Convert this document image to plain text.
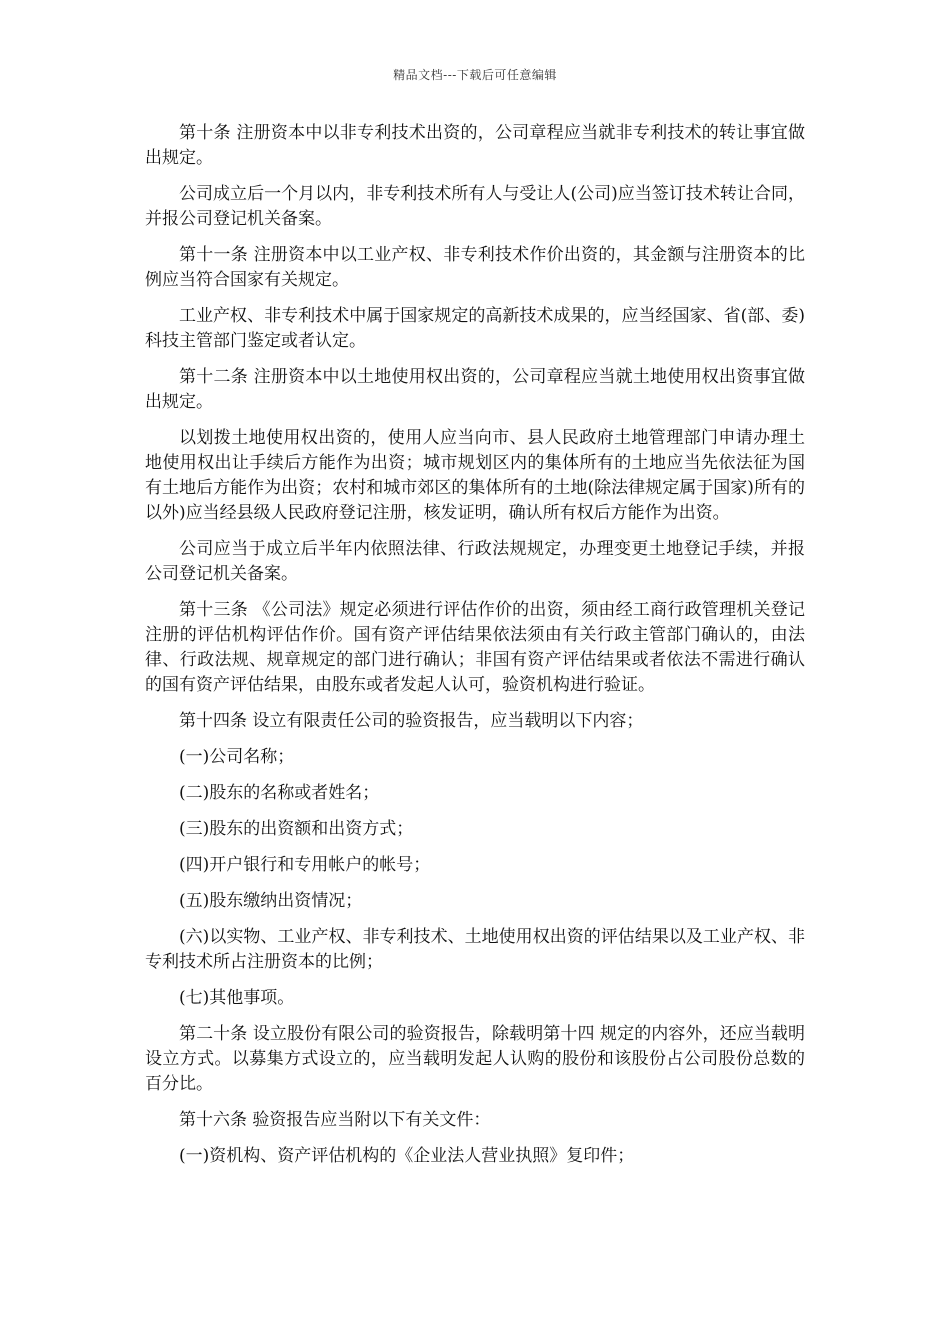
精品文档---下载后可任意编辑

第十条 注册资本中以非专利技术出资的，公司章程应当就非专利技术的转让事宜做出规定。

公司成立后一个月以内，非专利技术所有人与受让人(公司)应当签订技术转让合同，并报公司登记机关备案。

第十一条 注册资本中以工业产权、非专利技术作价出资的，其金额与注册资本的比例应当符合国家有关规定。

工业产权、非专利技术中属于国家规定的高新技术成果的，应当经国家、省(部、委)科技主管部门鉴定或者认定。

第十二条 注册资本中以土地使用权出资的，公司章程应当就土地使用权出资事宜做出规定。

以划拨土地使用权出资的，使用人应当向市、县人民政府土地管理部门申请办理土地使用权出让手续后方能作为出资；城市规划区内的集体所有的土地应当先依法征为国有土地后方能作为出资；农村和城市郊区的集体所有的土地(除法律规定属于国家)所有的以外)应当经县级人民政府登记注册，核发证明，确认所有权后方能作为出资。

公司应当于成立后半年内依照法律、行政法规规定，办理变更土地登记手续，并报公司登记机关备案。

第十三条 《公司法》规定必须进行评估作价的出资，须由经工商行政管理机关登记注册的评估机构评估作价。国有资产评估结果依法须由有关行政主管部门确认的，由法律、行政法规、规章规定的部门进行确认；非国有资产评估结果或者依法不需进行确认的国有资产评估结果，由股东或者发起人认可，验资机构进行验证。

第十四条 设立有限责任公司的验资报告，应当载明以下内容；

(一)公司名称；

(二)股东的名称或者姓名；

(三)股东的出资额和出资方式；

(四)开户银行和专用帐户的帐号；

(五)股东缴纳出资情况；

(六)以实物、工业产权、非专利技术、土地使用权出资的评估结果以及工业产权、非专利技术所占注册资本的比例；

(七)其他事项。

第二十条 设立股份有限公司的验资报告，除载明第十四 规定的内容外，还应当载明设立方式。以募集方式设立的，应当载明发起人认购的股份和该股份占公司股份总数的百分比。

第十六条 验资报告应当附以下有关文件：

(一)资机构、资产评估机构的《企业法人营业执照》复印件；
